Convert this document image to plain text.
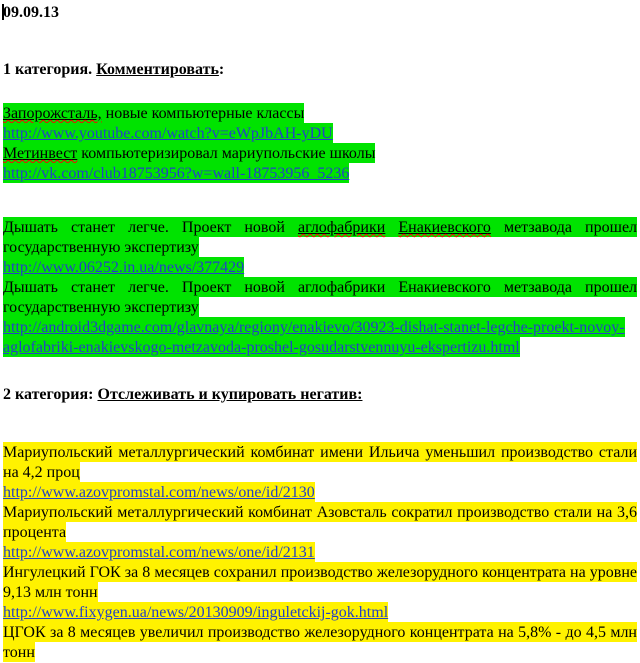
09.09.13

1 категория. Комментировать:

Запорожсталь, новые компьютерные классы

http://www.youtube.com/watch?v=eWpJbAH-yDU

Метинвест компьютеризировал мариупольские школы

http://vk.com/club18753956?w=wall-18753956_5236

Дышать станет легче. Проект новой аглофабрики Енакиевского метзавода прошел государственную экспертизу

http://www.06252.in.ua/news/377429

Дышать станет легче. Проект новой аглофабрики Енакиевского метзавода прошел государственную экспертизу

http://android3dgame.com/glavnaya/regiony/enakievo/30923-dishat-stanet-legche-proekt-novoy-aglofabriki-enakievskogo-metzavoda-proshel-gosudarstvennuyu-ekspertizu.html

2 категория: Отслеживать и купировать негатив:

Мариупольский металлургический комбинат имени Ильича уменьшил производство стали на 4,2 проц

http://www.azovpromstal.com/news/one/id/2130

Мариупольский металлургический комбинат Азовсталь сократил производство стали на 3,6 процента

http://www.azovpromstal.com/news/one/id/2131

Ингулецкий ГОК за 8 месяцев сохранил производство железорудного концентрата на уровне 9,13 млн тонн

http://www.fixygen.ua/news/20130909/inguletckij-gok.html

ЦГОК за 8 месяцев увеличил производство железорудного концентрата на 5,8% - до 4,5 млн тонн
